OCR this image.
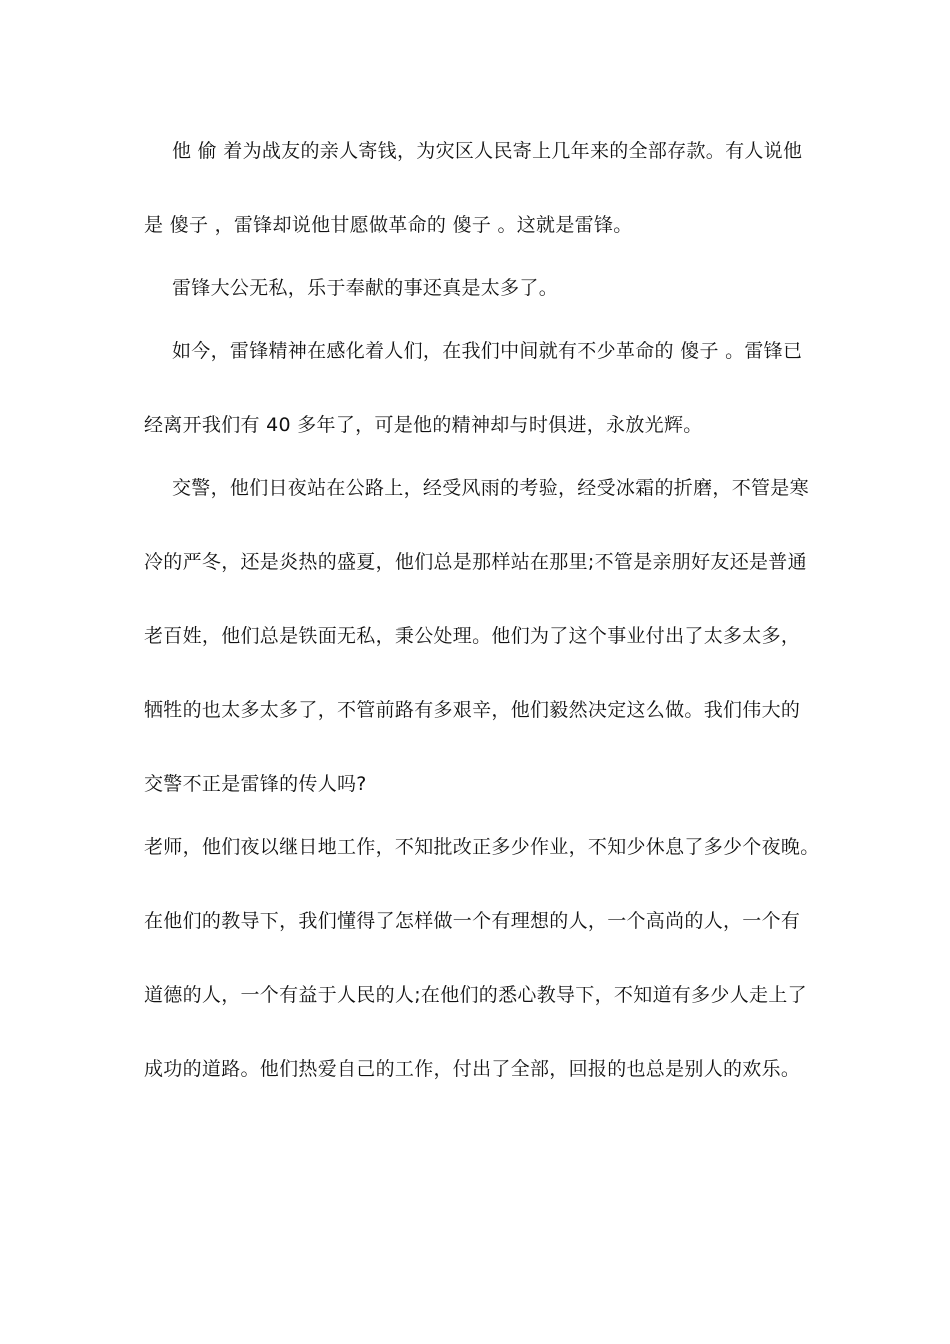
他 偷 着为战友的亲人寄钱，为灾区人民寄上几年来的全部存款。有人说他
是 傻子 ，雷锋却说他甘愿做革命的 傻子 。这就是雷锋。
雷锋大公无私，乐于奉献的事还真是太多了。
如今，雷锋精神在感化着人们，在我们中间就有不少革命的 傻子 。雷锋已
经离开我们有 40 多年了，可是他的精神却与时俱进，永放光辉。
交警，他们日夜站在公路上，经受风雨的考验，经受冰霜的折磨，不管是寒
冷的严冬，还是炎热的盛夏，他们总是那样站在那里;不管是亲朋好友还是普通
老百姓，他们总是铁面无私，秉公处理。他们为了这个事业付出了太多太多，
牺牲的也太多太多了，不管前路有多艰辛，他们毅然决定这么做。我们伟大的
交警不正是雷锋的传人吗?
老师，他们夜以继日地工作，不知批改正多少作业，不知少休息了多少个夜晚。
在他们的教导下，我们懂得了怎样做一个有理想的人，一个高尚的人，一个有
道德的人，一个有益于人民的人;在他们的悉心教导下，不知道有多少人走上了
成功的道路。他们热爱自己的工作，付出了全部，回报的也总是别人的欢乐。
